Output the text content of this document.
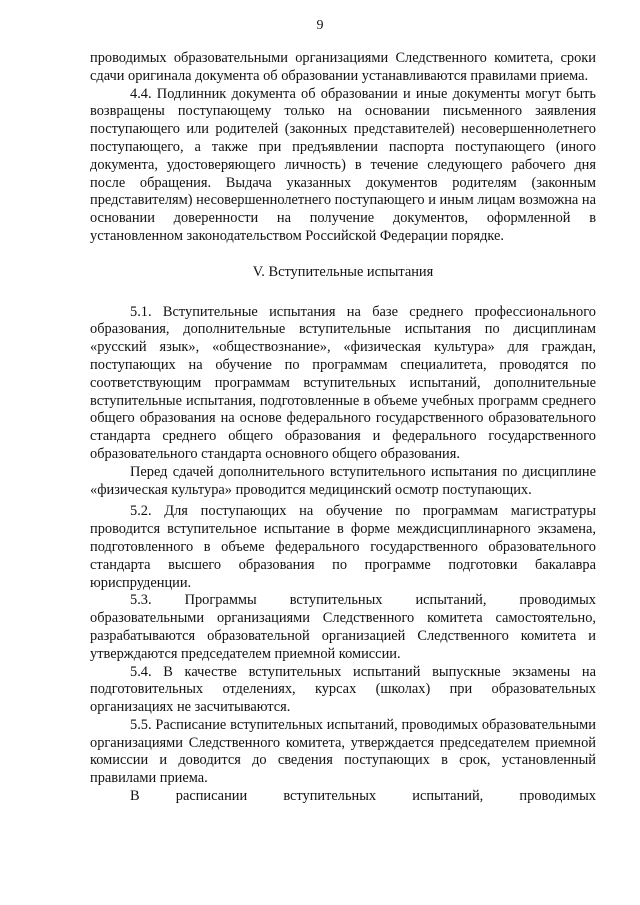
9

проводимых образовательными организациями Следственного комитета, сроки сдачи оригинала документа об образовании устанавливаются правилами приема.

4.4. Подлинник документа об образовании и иные документы могут быть возвращены поступающему только на основании письменного заявления поступающего или родителей (законных представителей) несовершеннолетнего поступающего, а также при предъявлении паспорта поступающего (иного документа, удостоверяющего личность) в течение следующего рабочего дня после обращения. Выдача указанных документов родителям (законным представителям) несовершеннолетнего поступающего и иным лицам возможна на основании доверенности на получение документов, оформленной в установленном законодательством Российской Федерации порядке.

V. Вступительные испытания

5.1. Вступительные испытания на базе среднего профессионального образования, дополнительные вступительные испытания по дисциплинам «русский язык», «обществознание», «физическая культура» для граждан, поступающих на обучение по программам специалитета, проводятся по соответствующим программам вступительных испытаний, дополнительные вступительные испытания, подготовленные в объеме учебных программ среднего общего образования на основе федерального государственного образовательного стандарта среднего общего образования и федерального государственного образовательного стандарта основного общего образования.

Перед сдачей дополнительного вступительного испытания по дисциплине «физическая культура» проводится медицинский осмотр поступающих.

5.2. Для поступающих на обучение по программам магистратуры проводится вступительное испытание в форме междисциплинарного экзамена, подготовленного в объеме федерального государственного образовательного стандарта высшего образования по программе подготовки бакалавра юриспруденции.

5.3. Программы вступительных испытаний, проводимых образовательными организациями Следственного комитета самостоятельно, разрабатываются образовательной организацией Следственного комитета и утверждаются председателем приемной комиссии.

5.4. В качестве вступительных испытаний выпускные экзамены на подготовительных отделениях, курсах (школах) при образовательных организациях не засчитываются.

5.5. Расписание вступительных испытаний, проводимых образовательными организациями Следственного комитета, утверждается председателем приемной комиссии и доводится до сведения поступающих в срок, установленный правилами приема.

В расписании вступительных испытаний, проводимых
